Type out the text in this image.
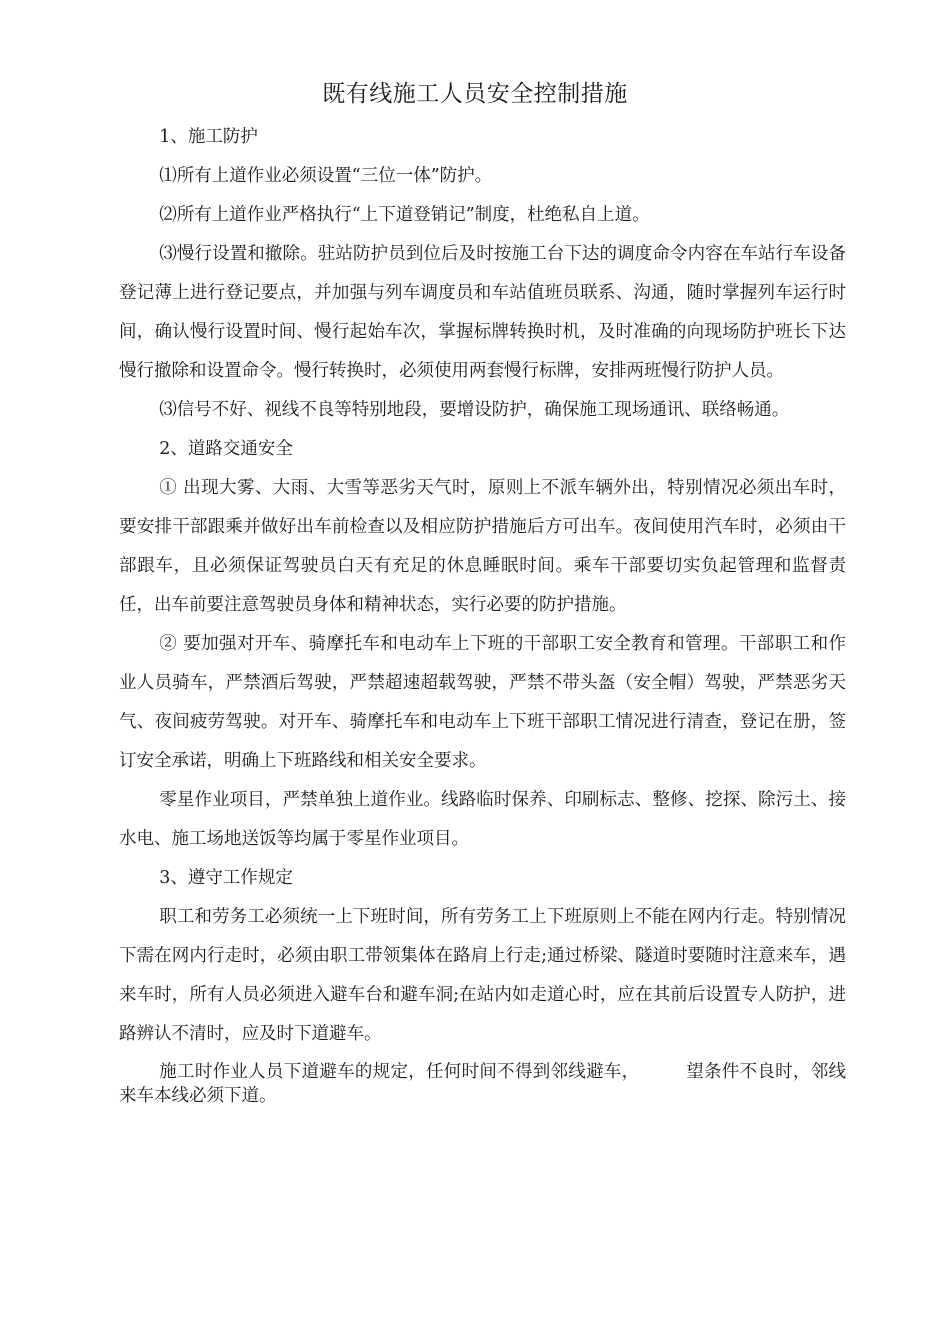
既有线施工人员安全控制措施

1、施工防护

⑴所有上道作业必须设置“三位一体”防护。

⑵所有上道作业严格执行“上下道登销记”制度，杜绝私自上道。

⑶慢行设置和撤除。驻站防护员到位后及时按施工台下达的调度命令内容在车站行车设备登记薄上进行登记要点，并加强与列车调度员和车站值班员联系、沟通，随时掌握列车运行时间，确认慢行设置时间、慢行起始车次，掌握标牌转换时机，及时准确的向现场防护班长下达慢行撤除和设置命令。慢行转换时，必须使用两套慢行标牌，安排两班慢行防护人员。

⑶信号不好、视线不良等特别地段，要增设防护，确保施工现场通讯、联络畅通。

2、道路交通安全

① 出现大雾、大雨、大雪等恶劣天气时，原则上不派车辆外出，特别情况必须出车时，要安排干部跟乘并做好出车前检查以及相应防护措施后方可出车。夜间使用汽车时，必须由干部跟车，且必须保证驾驶员白天有充足的休息睡眠时间。乘车干部要切实负起管理和监督责任，出车前要注意驾驶员身体和精神状态，实行必要的防护措施。

② 要加强对开车、骑摩托车和电动车上下班的干部职工安全教育和管理。干部职工和作业人员骑车，严禁酒后驾驶，严禁超速超载驾驶，严禁不带头盔（安全帽）驾驶，严禁恶劣天气、夜间疲劳驾驶。对开车、骑摩托车和电动车上下班干部职工情况进行清查，登记在册，签订安全承诺，明确上下班路线和相关安全要求。

零星作业项目，严禁单独上道作业。线路临时保养、印刷标志、整修、挖探、除污土、接水电、施工场地送饭等均属于零星作业项目。

3、遵守工作规定

职工和劳务工必须统一上下班时间，所有劳务工上下班原则上不能在网内行走。特别情况下需在网内行走时，必须由职工带领集体在路肩上行走;通过桥梁、隧道时要随时注意来车，遇来车时，所有人员必须进入避车台和避车洞;在站内如走道心时，应在其前后设置专人防护，进路辨认不清时，应及时下道避车。

施工时作业人员下道避车的规定，任何时间不得到邻线避车，        望条件不良时，邻线来车本线必须下道。
